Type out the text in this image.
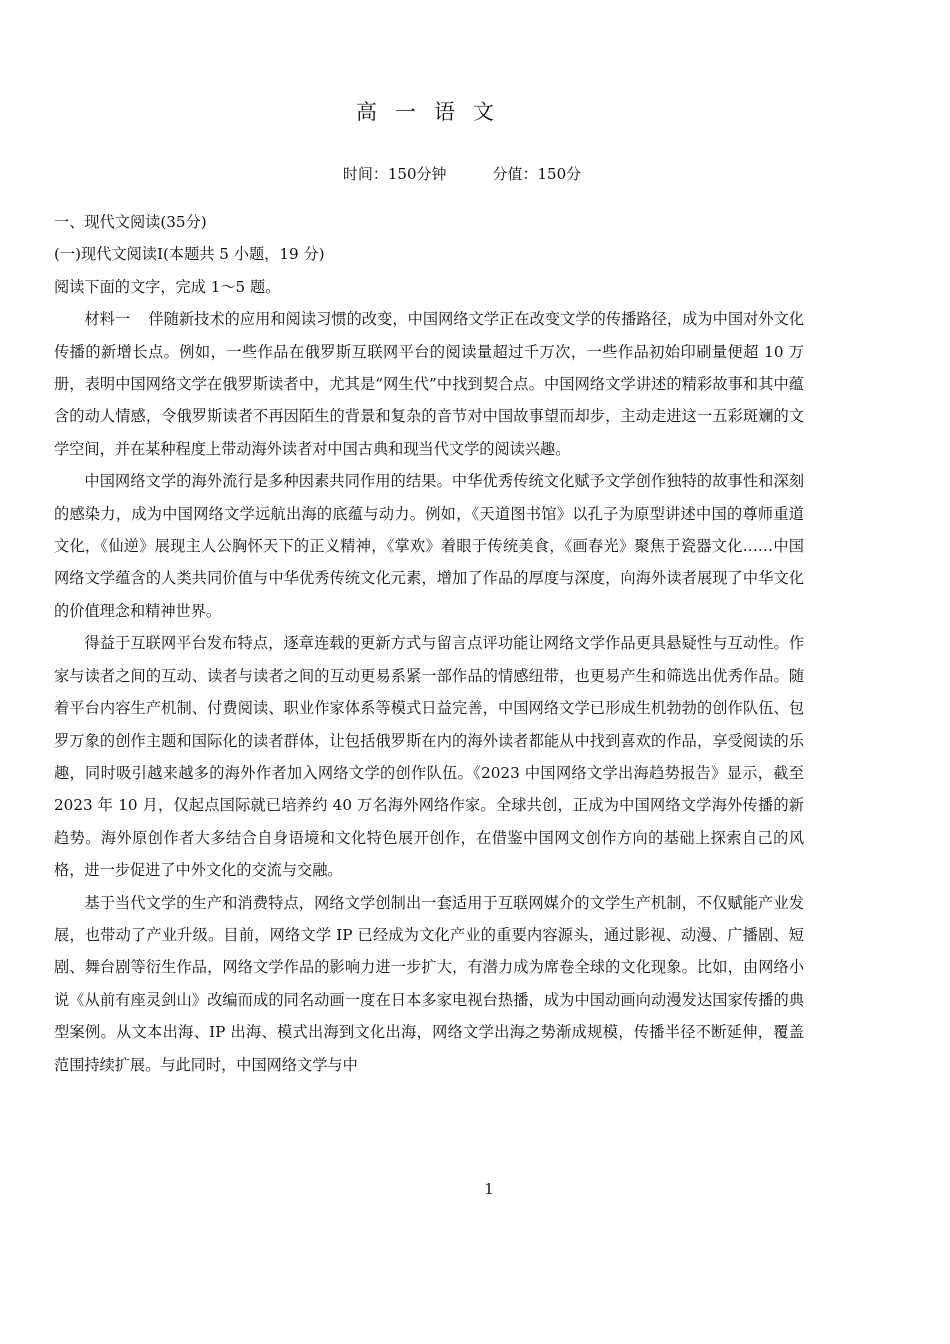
高一语文
时间：150分钟	分值：150分

一、现代文阅读(35分)

(一)现代文阅读Ⅰ(本题共 5 小题，19 分)

阅读下面的文字，完成 1～5 题。

材料一 伴随新技术的应用和阅读习惯的改变，中国网络文学正在改变文学的传播路径，成为中国对外文化传播的新增长点。例如，一些作品在俄罗斯互联网平台的阅读量超过千万次，一些作品初始印刷量便超 10 万册，表明中国网络文学在俄罗斯读者中，尤其是“网生代”中找到契合点。中国网络文学讲述的精彩故事和其中蕴含的动人情感，令俄罗斯读者不再因陌生的背景和复杂的音节对中国故事望而却步，主动走进这一五彩斑斓的文学空间，并在某种程度上带动海外读者对中国古典和现当代文学的阅读兴趣。

中国网络文学的海外流行是多种因素共同作用的结果。中华优秀传统文化赋予文学创作独特的故事性和深刻的感染力，成为中国网络文学远航出海的底蕴与动力。例如，《天道图书馆》以孔子为原型讲述中国的尊师重道文化，《仙逆》展现主人公胸怀天下的正义精神，《掌欢》着眼于传统美食，《画春光》聚焦于瓷器文化……中国网络文学蕴含的人类共同价值与中华优秀传统文化元素，增加了作品的厚度与深度，向海外读者展现了中华文化的价值理念和精神世界。

得益于互联网平台发布特点，逐章连载的更新方式与留言点评功能让网络文学作品更具悬疑性与互动性。作家与读者之间的互动、读者与读者之间的互动更易系紧一部作品的情感纽带，也更易产生和筛选出优秀作品。随着平台内容生产机制、付费阅读、职业作家体系等模式日益完善，中国网络文学已形成生机勃勃的创作队伍、包罗万象的创作主题和国际化的读者群体，让包括俄罗斯在内的海外读者都能从中找到喜欢的作品，享受阅读的乐趣，同时吸引越来越多的海外作者加入网络文学的创作队伍。《2023 中国网络文学出海趋势报告》显示，截至 2023 年 10 月，仅起点国际就已培养约 40 万名海外网络作家。全球共创，正成为中国网络文学海外传播的新趋势。海外原创作者大多结合自身语境和文化特色展开创作，在借鉴中国网文创作方向的基础上探索自己的风格，进一步促进了中外文化的交流与交融。

基于当代文学的生产和消费特点，网络文学创制出一套适用于互联网媒介的文学生产机制，不仅赋能产业发展，也带动了产业升级。目前，网络文学 IP 已经成为文化产业的重要内容源头，通过影视、动漫、广播剧、短剧、舞台剧等衍生作品，网络文学作品的影响力进一步扩大，有潜力成为席卷全球的文化现象。比如，由网络小说《从前有座灵剑山》改编而成的同名动画一度在日本多家电视台热播，成为中国动画向动漫发达国家传播的典型案例。从文本出海、IP 出海、模式出海到文化出海，网络文学出海之势渐成规模，传播半径不断延伸，覆盖范围持续扩展。与此同时，中国网络文学与中

1
